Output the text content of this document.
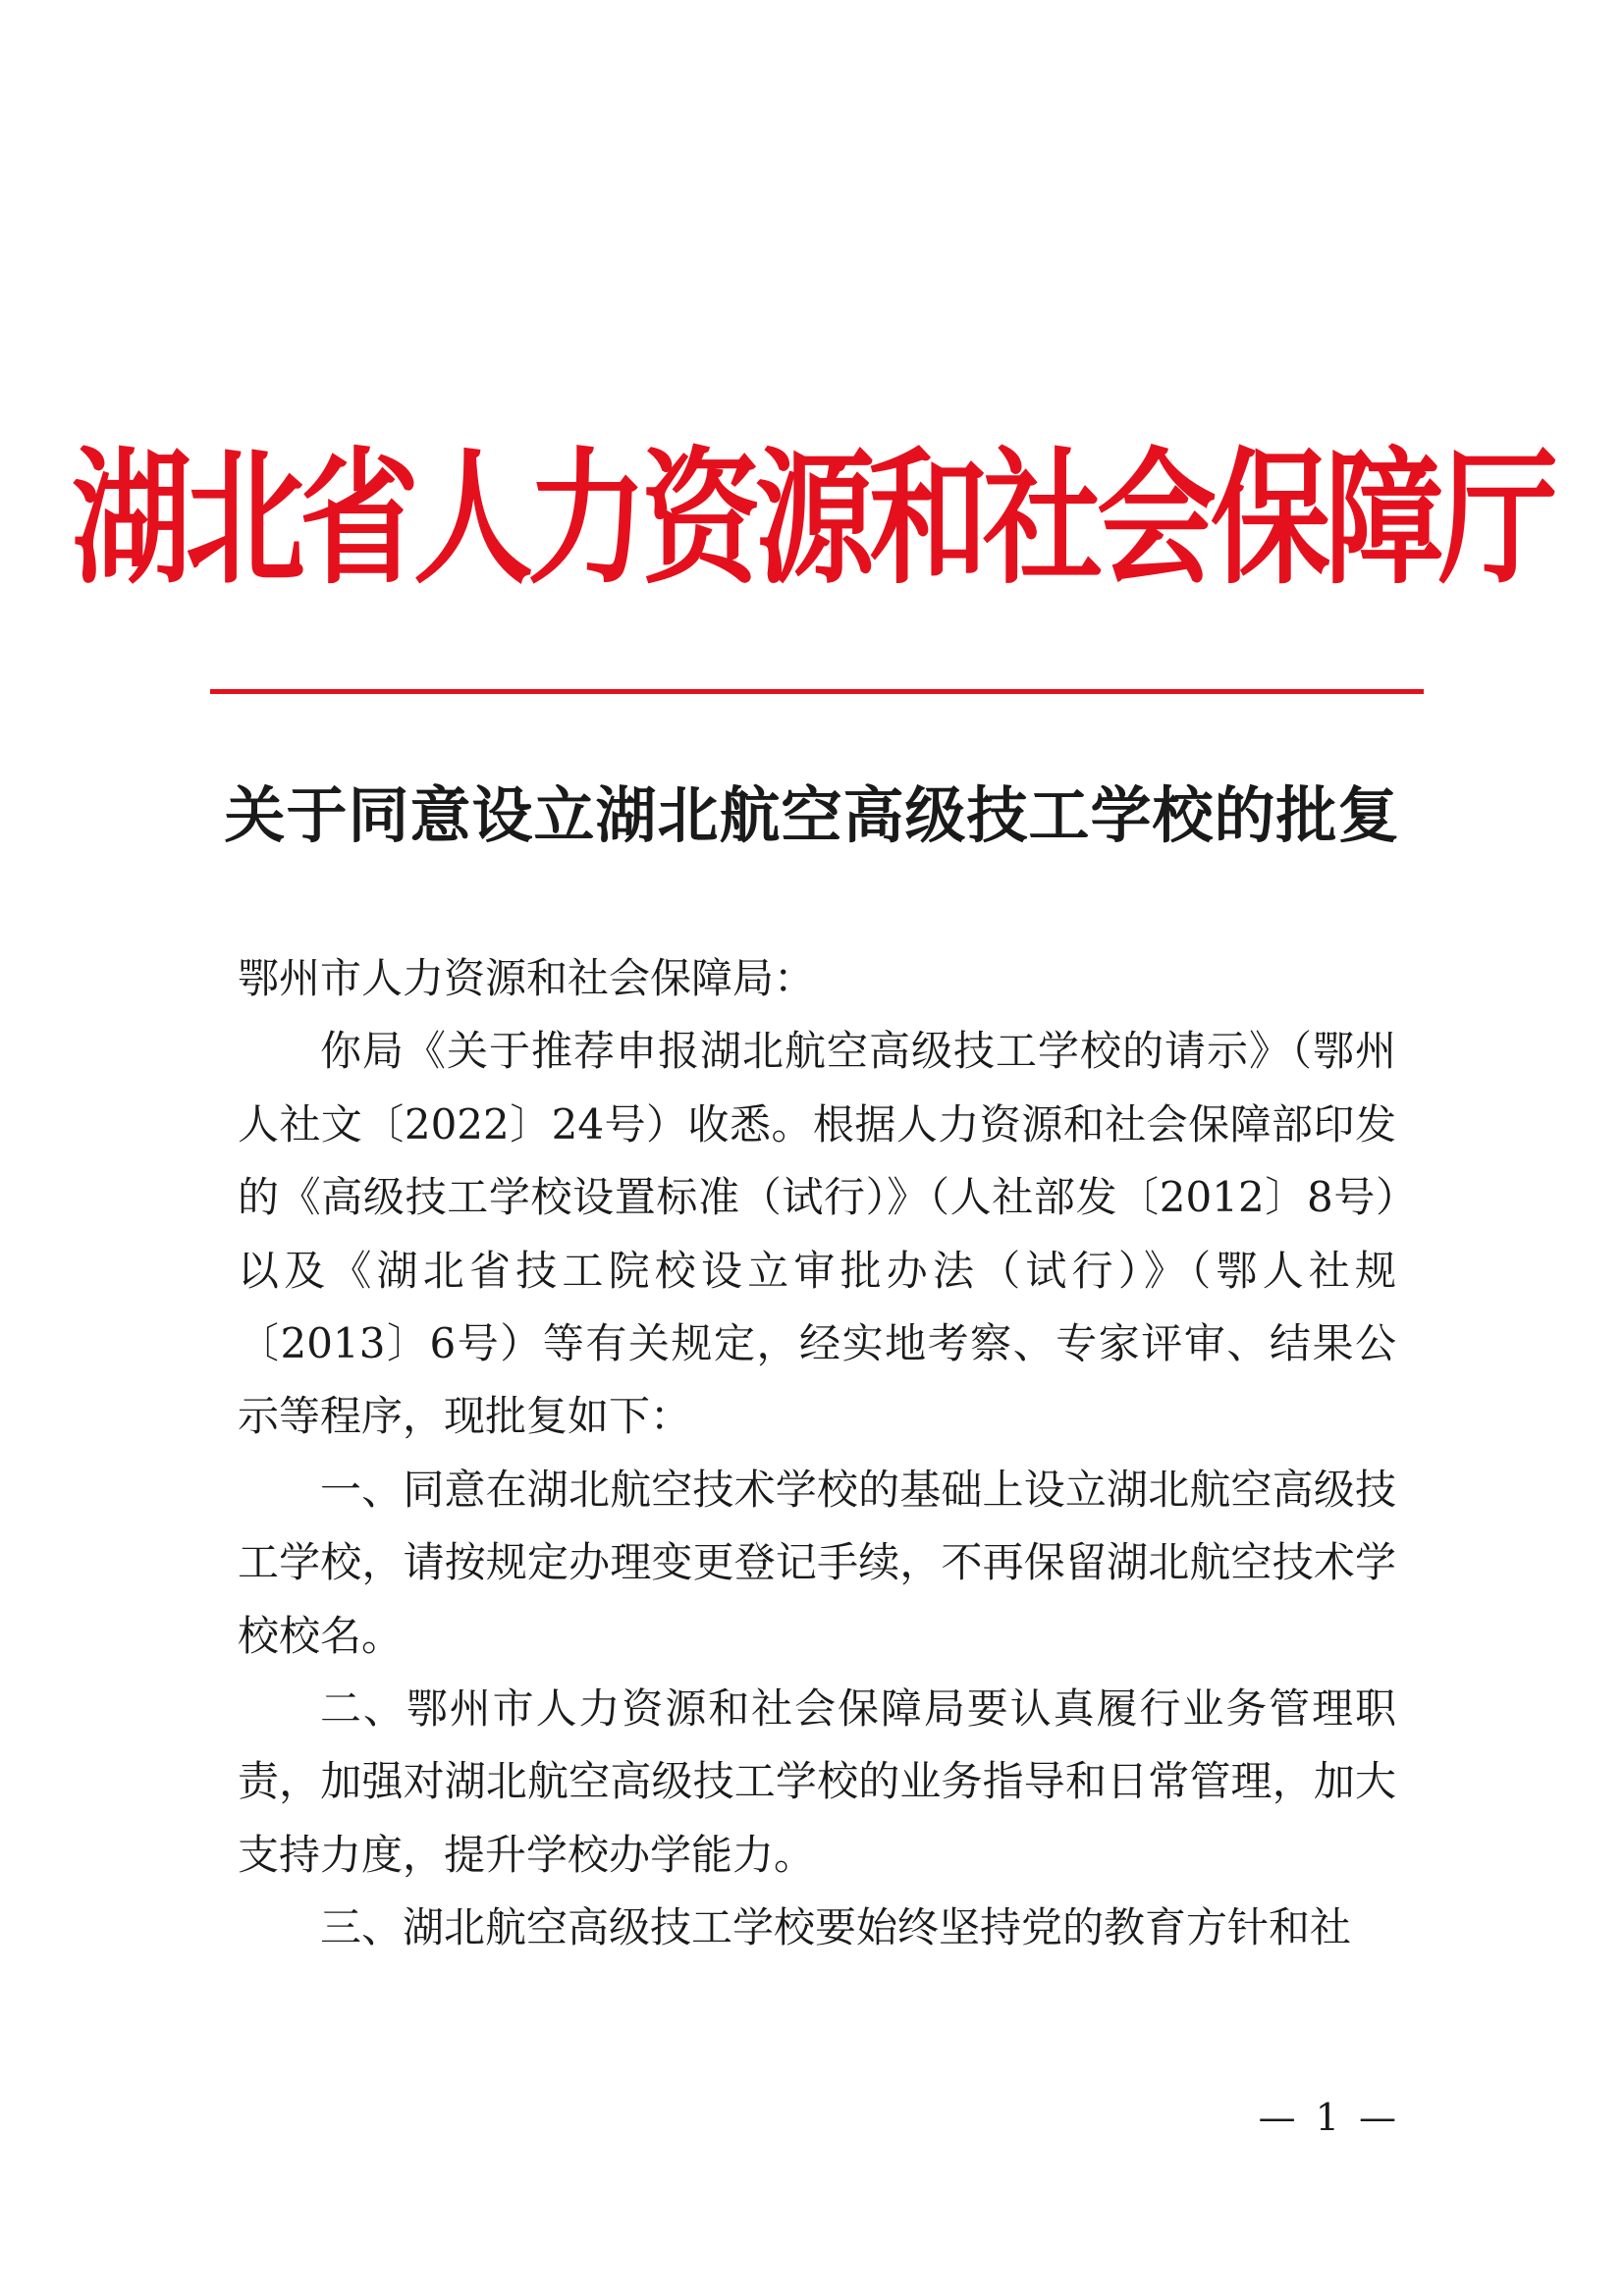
湖北省人力资源和社会保障厅
关于同意设立湖北航空高级技工学校的批复

鄂州市人力资源和社会保障局：

你局《关于推荐申报湖北航空高级技工学校的请示》（鄂州人社文〔2022〕24号）收悉。根据人力资源和社会保障部印发的《高级技工学校设置标准（试行）》（人社部发〔2012〕8号）以及《湖北省技工院校设立审批办法（试行）》（鄂人社规〔2013〕6号）等有关规定，经实地考察、专家评审、结果公示等程序，现批复如下：

一、同意在湖北航空技术学校的基础上设立湖北航空高级技工学校，请按规定办理变更登记手续，不再保留湖北航空技术学校校名。

二、鄂州市人力资源和社会保障局要认真履行业务管理职责，加强对湖北航空高级技工学校的业务指导和日常管理，加大支持力度，提升学校办学能力。

三、湖北航空高级技工学校要始终坚持党的教育方针和社

— 1 —
